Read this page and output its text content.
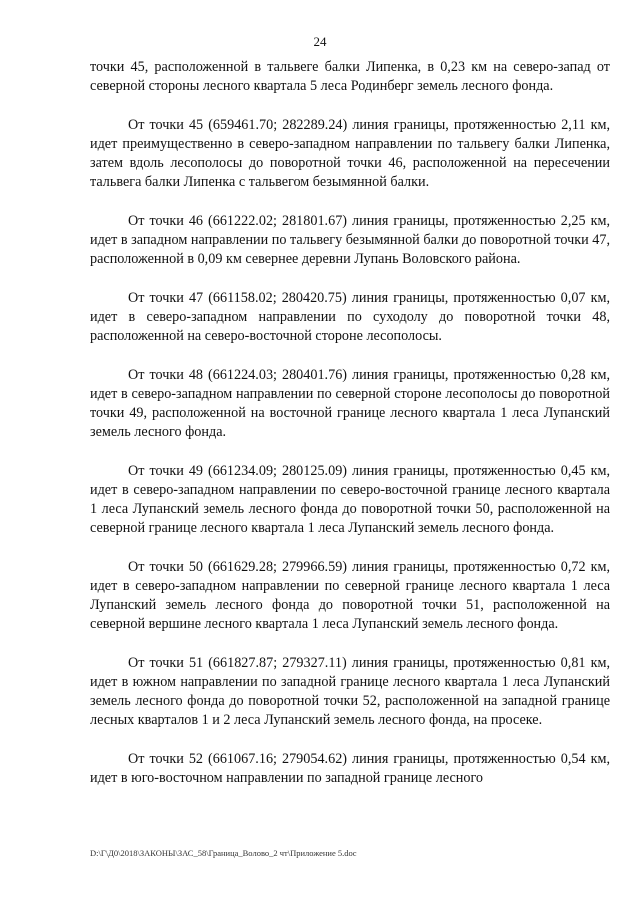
24

точки 45, расположенной в тальвеге балки Липенка, в 0,23 км на северо-запад от северной стороны лесного квартала 5 леса Родинберг земель лесного фонда.

От точки 45 (659461.70; 282289.24) линия границы, протяженностью 2,11 км, идет преимущественно в северо-западном направлении по тальвегу балки Липенка, затем вдоль лесополосы до поворотной точки 46, расположенной на пересечении тальвега балки Липенка с тальвегом безымянной балки.

От точки 46 (661222.02; 281801.67) линия границы, протяженностью 2,25 км, идет в западном направлении по тальвегу безымянной балки до поворотной точки 47, расположенной в 0,09 км севернее деревни Лупань Воловского района.

От точки 47 (661158.02; 280420.75) линия границы, протяженностью 0,07 км, идет в северо-западном направлении по суходолу до поворотной точки 48, расположенной на северо-восточной стороне лесополосы.

От точки 48 (661224.03; 280401.76) линия границы, протяженностью 0,28 км, идет в северо-западном направлении по северной стороне лесополосы до поворотной точки 49, расположенной на восточной границе лесного квартала 1 леса Лупанский земель лесного фонда.

От точки 49 (661234.09; 280125.09) линия границы, протяженностью 0,45 км, идет в северо-западном направлении по северо-восточной границе лесного квартала 1 леса Лупанский земель лесного фонда до поворотной точки 50, расположенной на северной границе лесного квартала 1 леса Лупанский земель лесного фонда.

От точки 50 (661629.28; 279966.59) линия границы, протяженностью 0,72 км, идет в северо-западном направлении по северной границе лесного квартала 1 леса Лупанский земель лесного фонда до поворотной точки 51, расположенной на северной вершине лесного квартала 1 леса Лупанский земель лесного фонда.

От точки 51 (661827.87; 279327.11) линия границы, протяженностью 0,81 км, идет в южном направлении по западной границе лесного квартала 1 леса Лупанский земель лесного фонда до поворотной точки 52, расположенной на западной границе лесных кварталов 1 и 2 леса Лупанский земель лесного фонда, на просеке.

От точки 52 (661067.16; 279054.62) линия границы, протяженностью 0,54 км, идет в юго-восточном направлении по западной границе лесного

D:\Г\Д0\2018\ЗАКОНЫ\ЗАС_58\Граница_Волово_2 чт\Приложение 5.doc
